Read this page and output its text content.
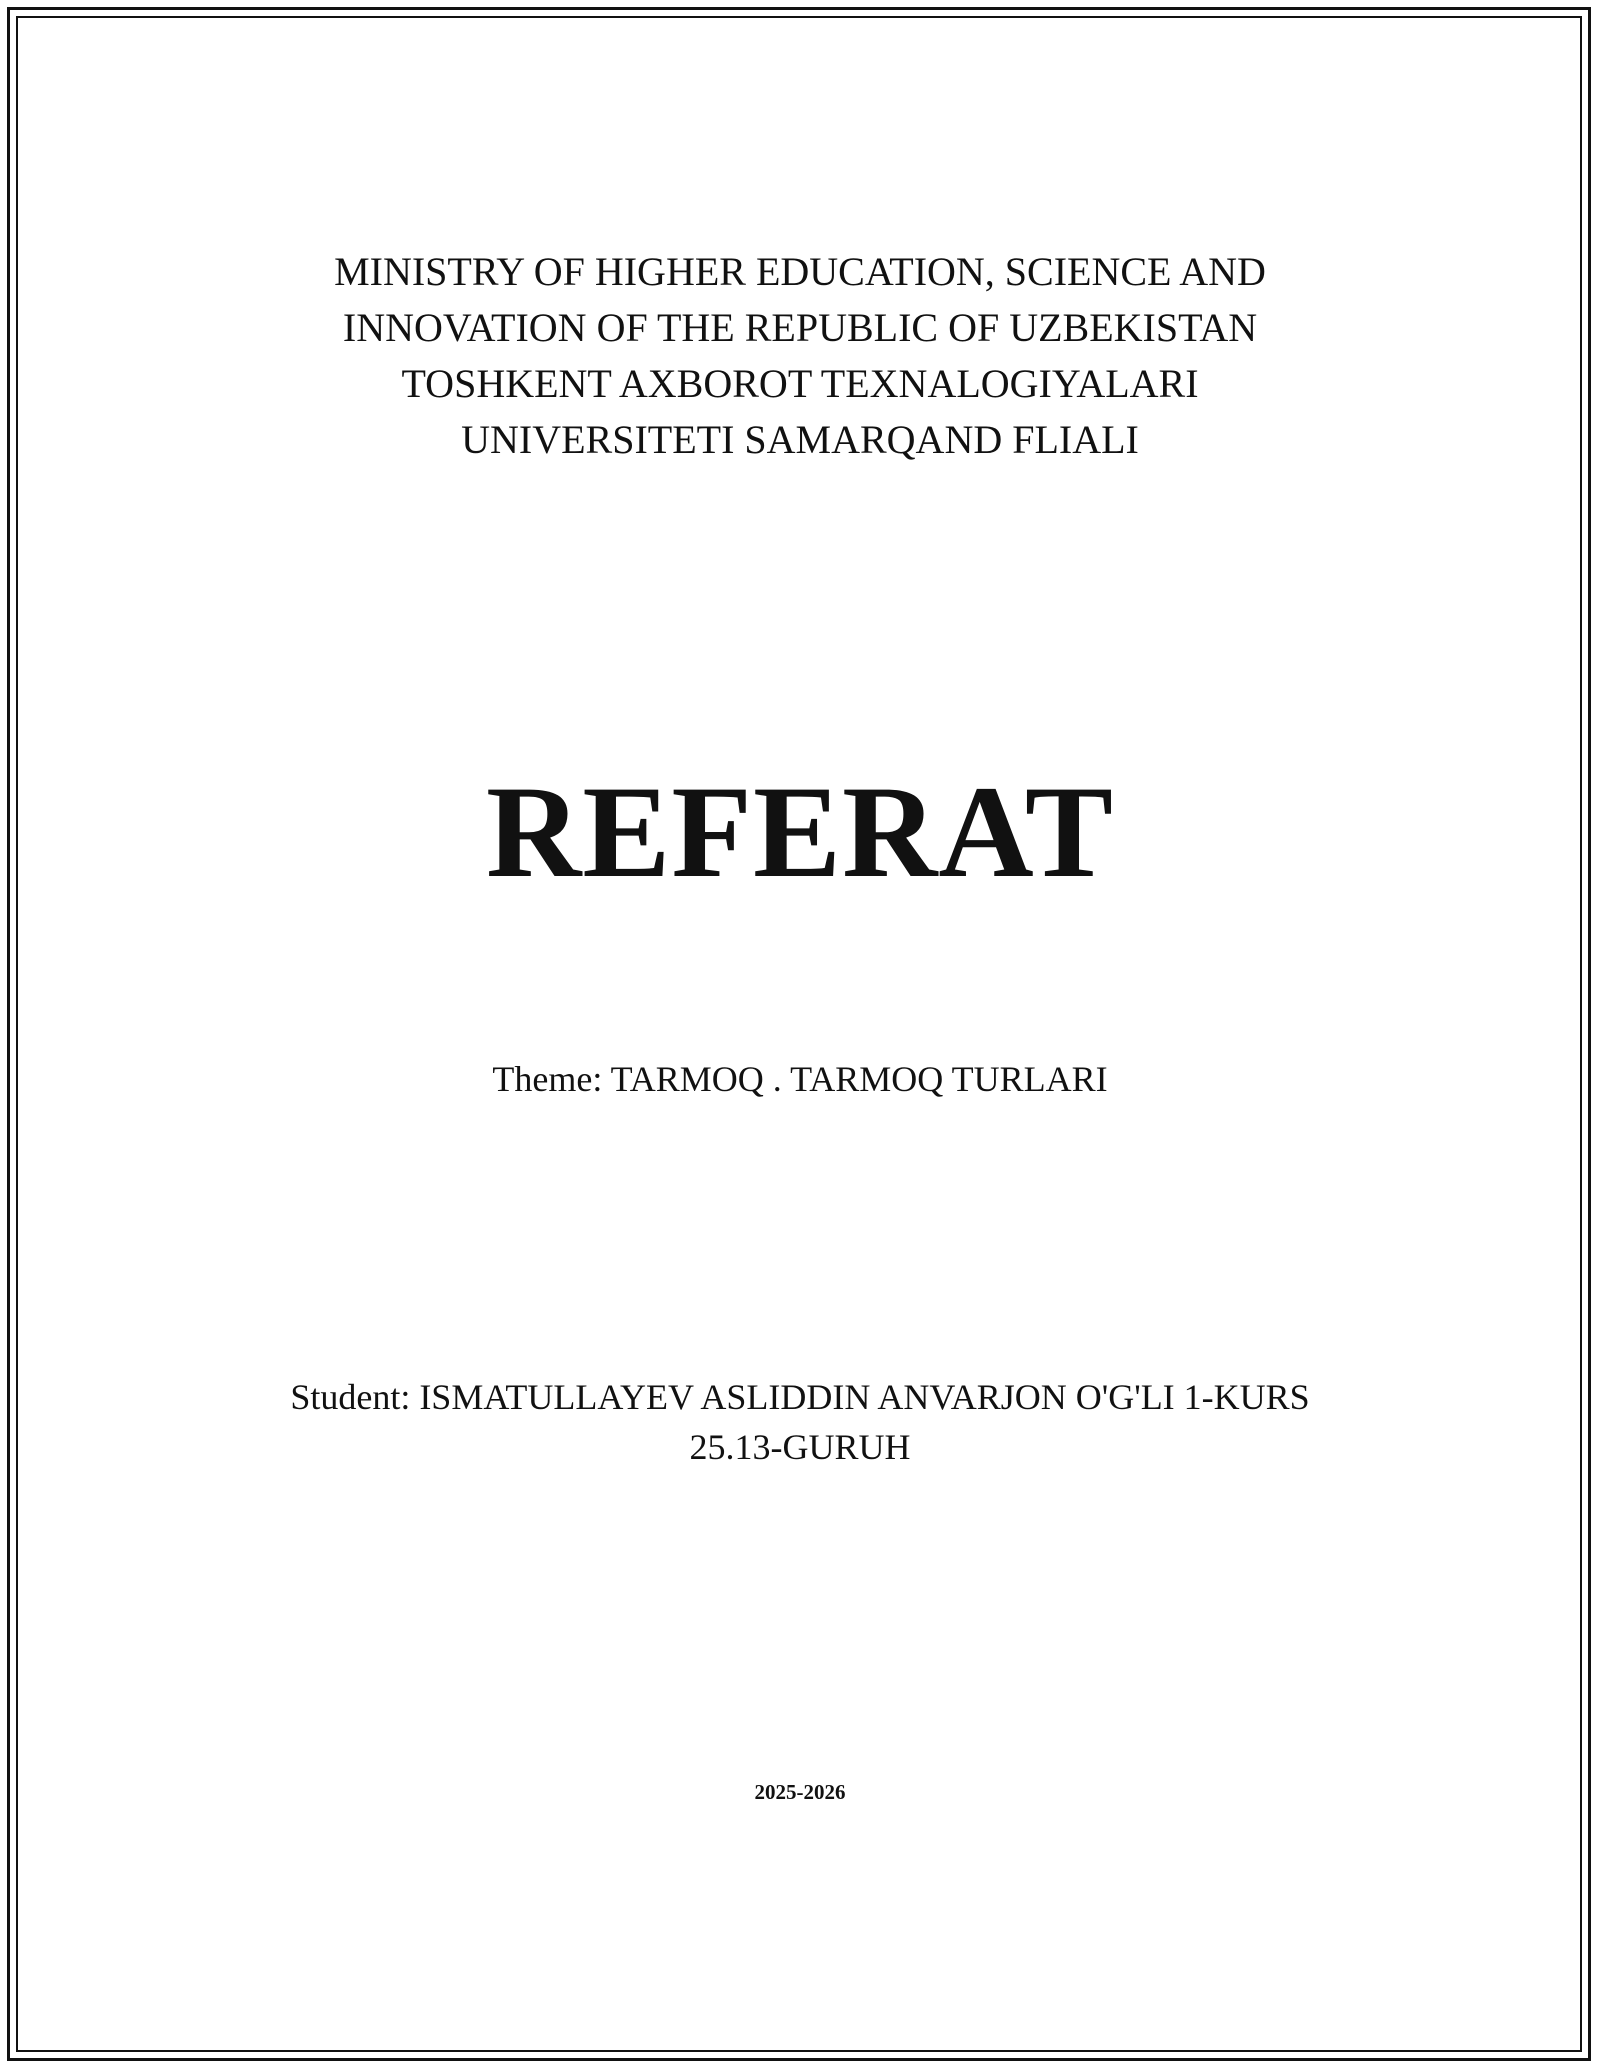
MINISTRY OF HIGHER EDUCATION, SCIENCE AND
INNOVATION OF THE REPUBLIC OF UZBEKISTAN
TOSHKENT AXBOROT TEXNALOGIYALARI
UNIVERSITETI SAMARQAND FLIALI
REFERAT
Theme: TARMOQ . TARMOQ TURLARI
Student: ISMATULLAYEV ASLIDDIN ANVARJON O'G'LI 1-KURS
25.13-GURUH
2025-2026
